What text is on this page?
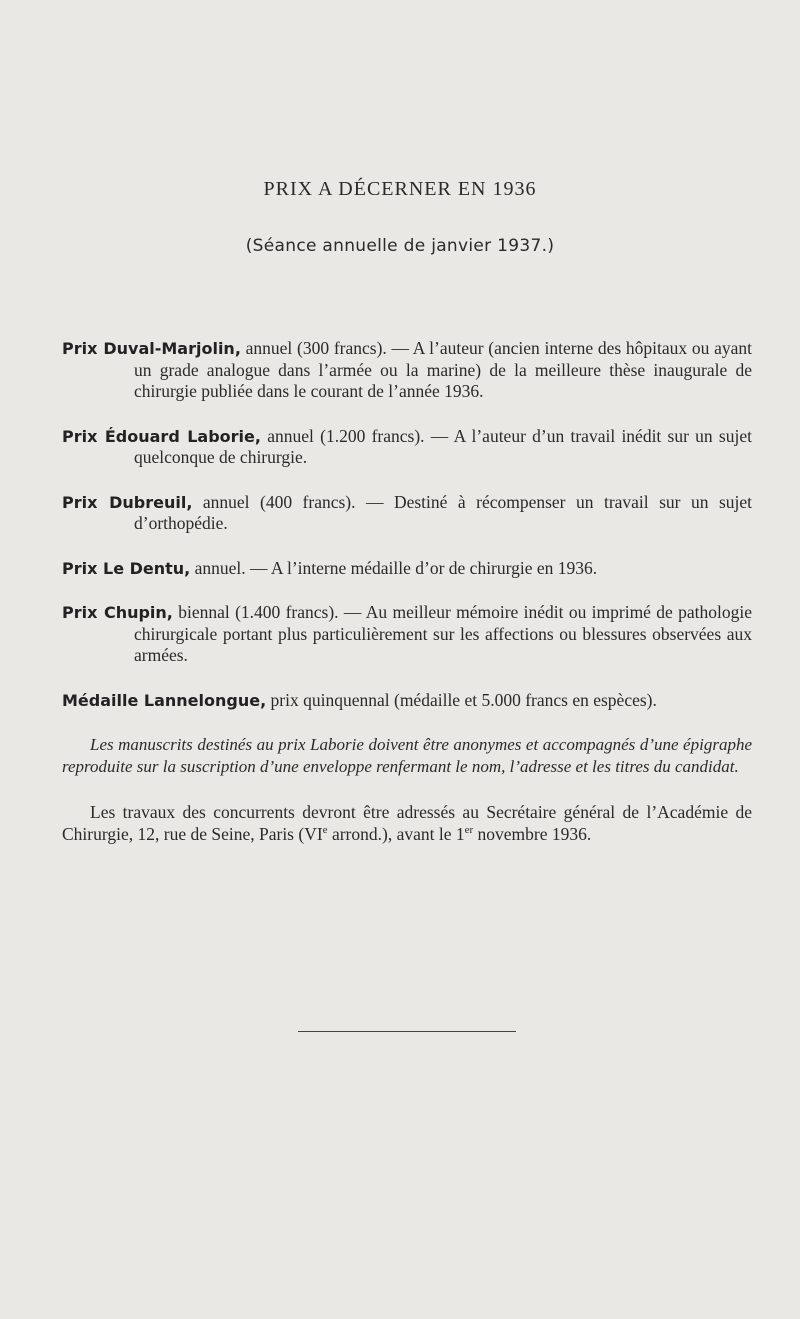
PRIX A DÉCERNER EN 1936
(Séance annuelle de janvier 1937.)

Prix Duval-Marjolin, annuel (300 francs). — A l’auteur (ancien interne des hôpitaux ou ayant un grade analogue dans l’armée ou la marine) de la meilleure thèse inaugurale de chirurgie publiée dans le courant de l’année 1936.

Prix Édouard Laborie, annuel (1.200 francs). — A l’auteur d’un travail inédit sur un sujet quelconque de chirurgie.

Prix Dubreuil, annuel (400 francs). — Destiné à récompenser un travail sur un sujet d’orthopédie.

Prix Le Dentu, annuel. — A l’interne médaille d’or de chirurgie en 1936.

Prix Chupin, biennal (1.400 francs). — Au meilleur mémoire inédit ou imprimé de pathologie chirurgicale portant plus particulièrement sur les affections ou blessures observées aux armées.

Médaille Lannelongue, prix quinquennal (médaille et 5.000 francs en espèces).

Les manuscrits destinés au prix Laborie doivent être anonymes et accompagnés d’une épigraphe reproduite sur la suscription d’une enveloppe renfermant le nom, l’adresse et les titres du candidat.

Les travaux des concurrents devront être adressés au Secrétaire général de l’Académie de Chirurgie, 12, rue de Seine, Paris (VIe arrond.), avant le 1er novembre 1936.
